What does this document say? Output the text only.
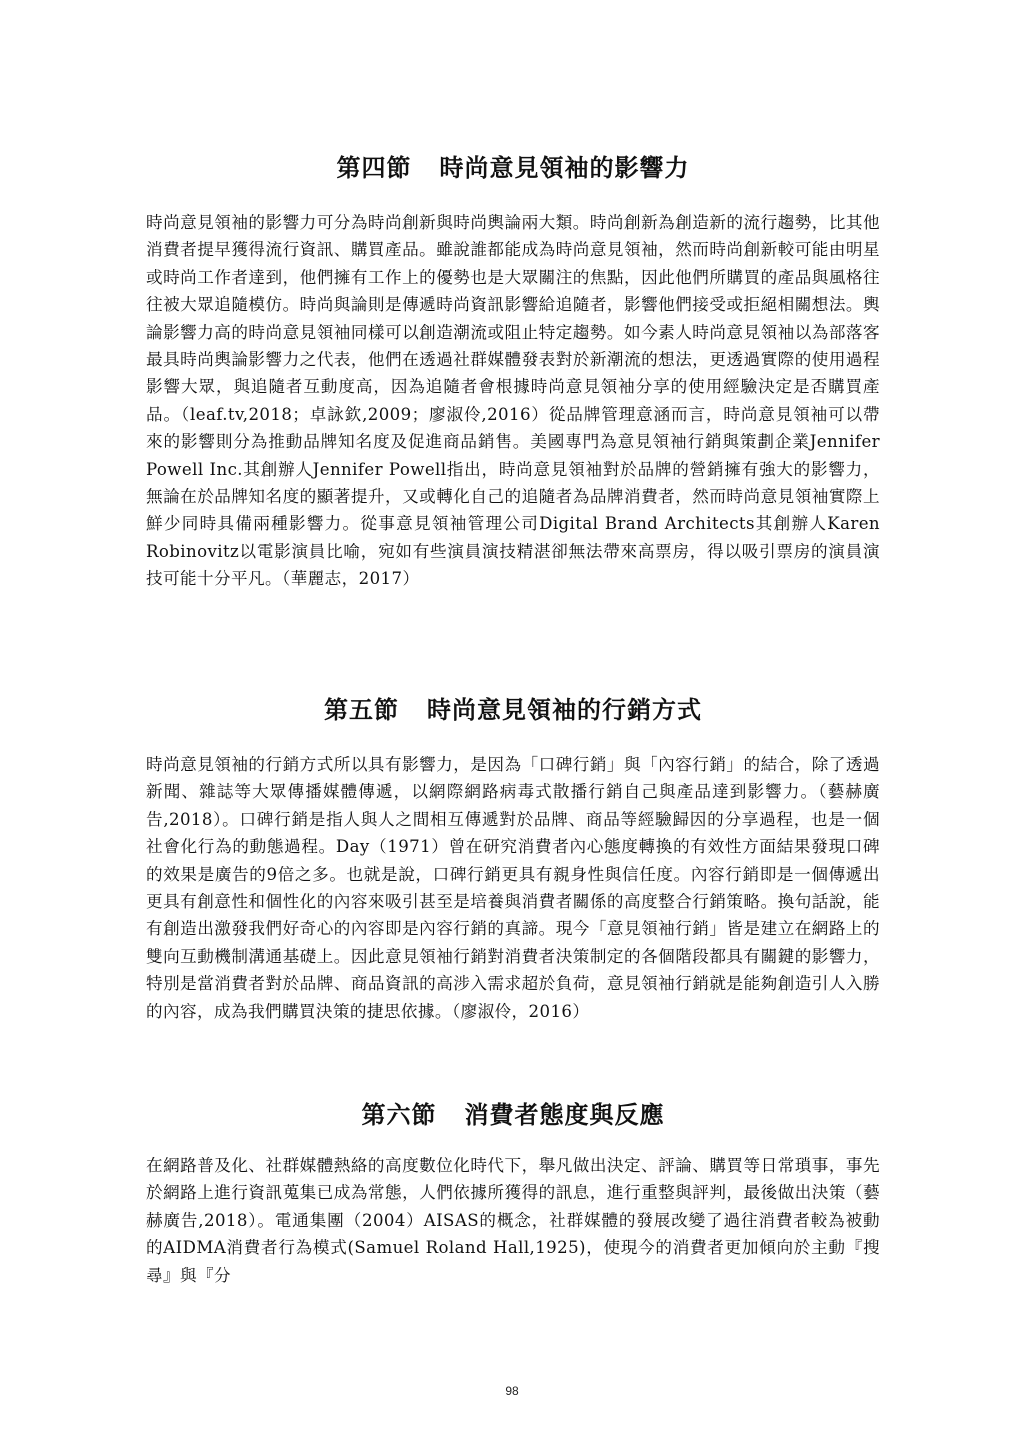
第四節 時尚意見領袖的影響力

時尚意見領袖的影響力可分為時尚創新與時尚輿論兩大類。時尚創新為創造新的流行趨勢，比其他消費者提早獲得流行資訊、購買產品。雖說誰都能成為時尚意見領袖，然而時尚創新較可能由明星或時尚工作者達到，他們擁有工作上的優勢也是大眾關注的焦點，因此他們所購買的產品與風格往往被大眾追隨模仿。時尚與論則是傳遞時尚資訊影響給追隨者，影響他們接受或拒絕相關想法。輿論影響力高的時尚意見領袖同樣可以創造潮流或阻止特定趨勢。如今素人時尚意見領袖以為部落客最具時尚輿論影響力之代表，他們在透過社群媒體發表對於新潮流的想法，更透過實際的使用過程影響大眾，與追隨者互動度高，因為追隨者會根據時尚意見領袖分享的使用經驗決定是否購買產品。（leaf.tv,2018；卓詠欽,2009；廖淑伶,2016）從品牌管理意涵而言，時尚意見領袖可以帶來的影響則分為推動品牌知名度及促進商品銷售。美國專門為意見領袖行銷與策劃企業Jennifer Powell Inc.其創辦人Jennifer Powell指出，時尚意見領袖對於品牌的營銷擁有強大的影響力，無論在於品牌知名度的顯著提升，又或轉化自己的追隨者為品牌消費者，然而時尚意見領袖實際上鮮少同時具備兩種影響力。從事意見領袖管理公司Digital Brand Architects其創辦人Karen Robinovitz以電影演員比喻，宛如有些演員演技精湛卻無法帶來高票房，得以吸引票房的演員演技可能十分平凡。（華麗志，2017）

第五節 時尚意見領袖的行銷方式

時尚意見領袖的行銷方式所以具有影響力，是因為「口碑行銷」與「內容行銷」的結合，除了透過新聞、雜誌等大眾傳播媒體傳遞，以網際網路病毒式散播行銷自己與產品達到影響力。（藝赫廣告,2018）。口碑行銷是指人與人之間相互傳遞對於品牌、商品等經驗歸因的分享過程，也是一個社會化行為的動態過程。Day（1971）曾在研究消費者內心態度轉換的有效性方面結果發現口碑的效果是廣告的9倍之多。也就是說，口碑行銷更具有親身性與信任度。內容行銷即是一個傳遞出更具有創意性和個性化的內容來吸引甚至是培養與消費者關係的高度整合行銷策略。換句話說，能有創造出激發我們好奇心的內容即是內容行銷的真諦。現今「意見領袖行銷」皆是建立在網路上的雙向互動機制溝通基礎上。因此意見領袖行銷對消費者決策制定的各個階段都具有關鍵的影響力，特別是當消費者對於品牌、商品資訊的高涉入需求超於負荷，意見領袖行銷就是能夠創造引人入勝的內容，成為我們購買決策的捷思依據。（廖淑伶，2016）

第六節 消費者態度與反應

在網路普及化、社群媒體熱絡的高度數位化時代下，舉凡做出決定、評論、購買等日常瑣事，事先於網路上進行資訊蒐集已成為常態，人們依據所獲得的訊息，進行重整與評判，最後做出決策（藝赫廣告,2018）。電通集團（2004）AISAS的概念，社群媒體的發展改變了過往消費者較為被動的AIDMA消費者行為模式(Samuel Roland Hall,1925)，使現今的消費者更加傾向於主動『搜尋』與『分

98
